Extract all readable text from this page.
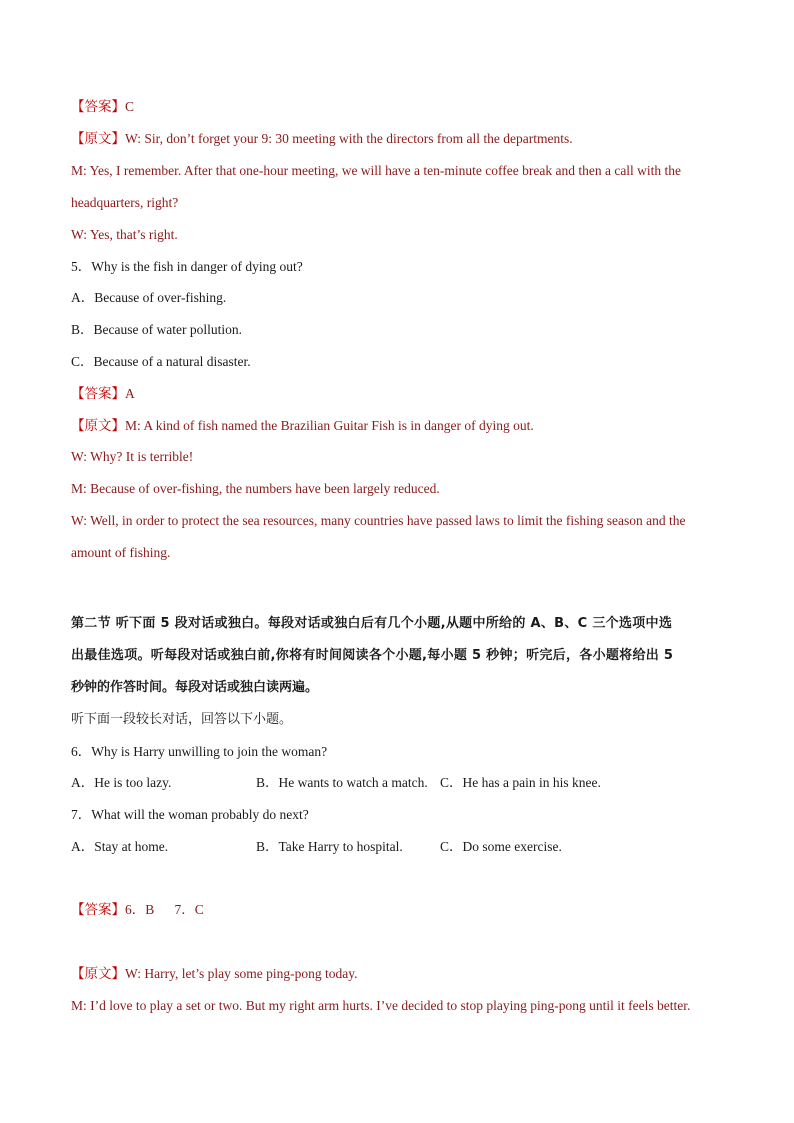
【答案】C
【原文】W: Sir, don’t forget your 9: 30 meeting with the directors from all the departments.
M: Yes, I remember. After that one-hour meeting, we will have a ten-minute coffee break and then a call with the
headquarters, right?
W: Yes, that’s right.
5．Why is the fish in danger of dying out?
A．Because of over-fishing.
B．Because of water pollution.
C．Because of a natural disaster.
【答案】A
【原文】M: A kind of fish named the Brazilian Guitar Fish is in danger of dying out.
W: Why? It is terrible!
M: Because of over-fishing, the numbers have been largely reduced.
W: Well, in order to protect the sea resources, many countries have passed laws to limit the fishing season and the
amount of fishing.
第二节 听下面 5 段对话或独白。每段对话或独白后有几个小题,从题中所给的 A、B、C 三个选项中选
出最佳选项。听每段对话或独白前,你将有时间阅读各个小题,每小题 5 秒钟；听完后，各小题将给出 5
秒钟的作答时间。每段对话或独白读两遍。
听下面一段较长对话，回答以下小题。
6．Why is Harry unwilling to join the woman?
A．He is too lazy.	B．He wants to watch a match. C．He has a pain in his knee.
7．What will the woman probably do next?
A．Stay at home.	B．Take Harry to hospital.	C．Do some exercise.
【答案】6．B      7．C
【原文】W: Harry, let’s play some ping-pong today.
M: I’d love to play a set or two. But my right arm hurts. I’ve decided to stop playing ping-pong until it feels better.
